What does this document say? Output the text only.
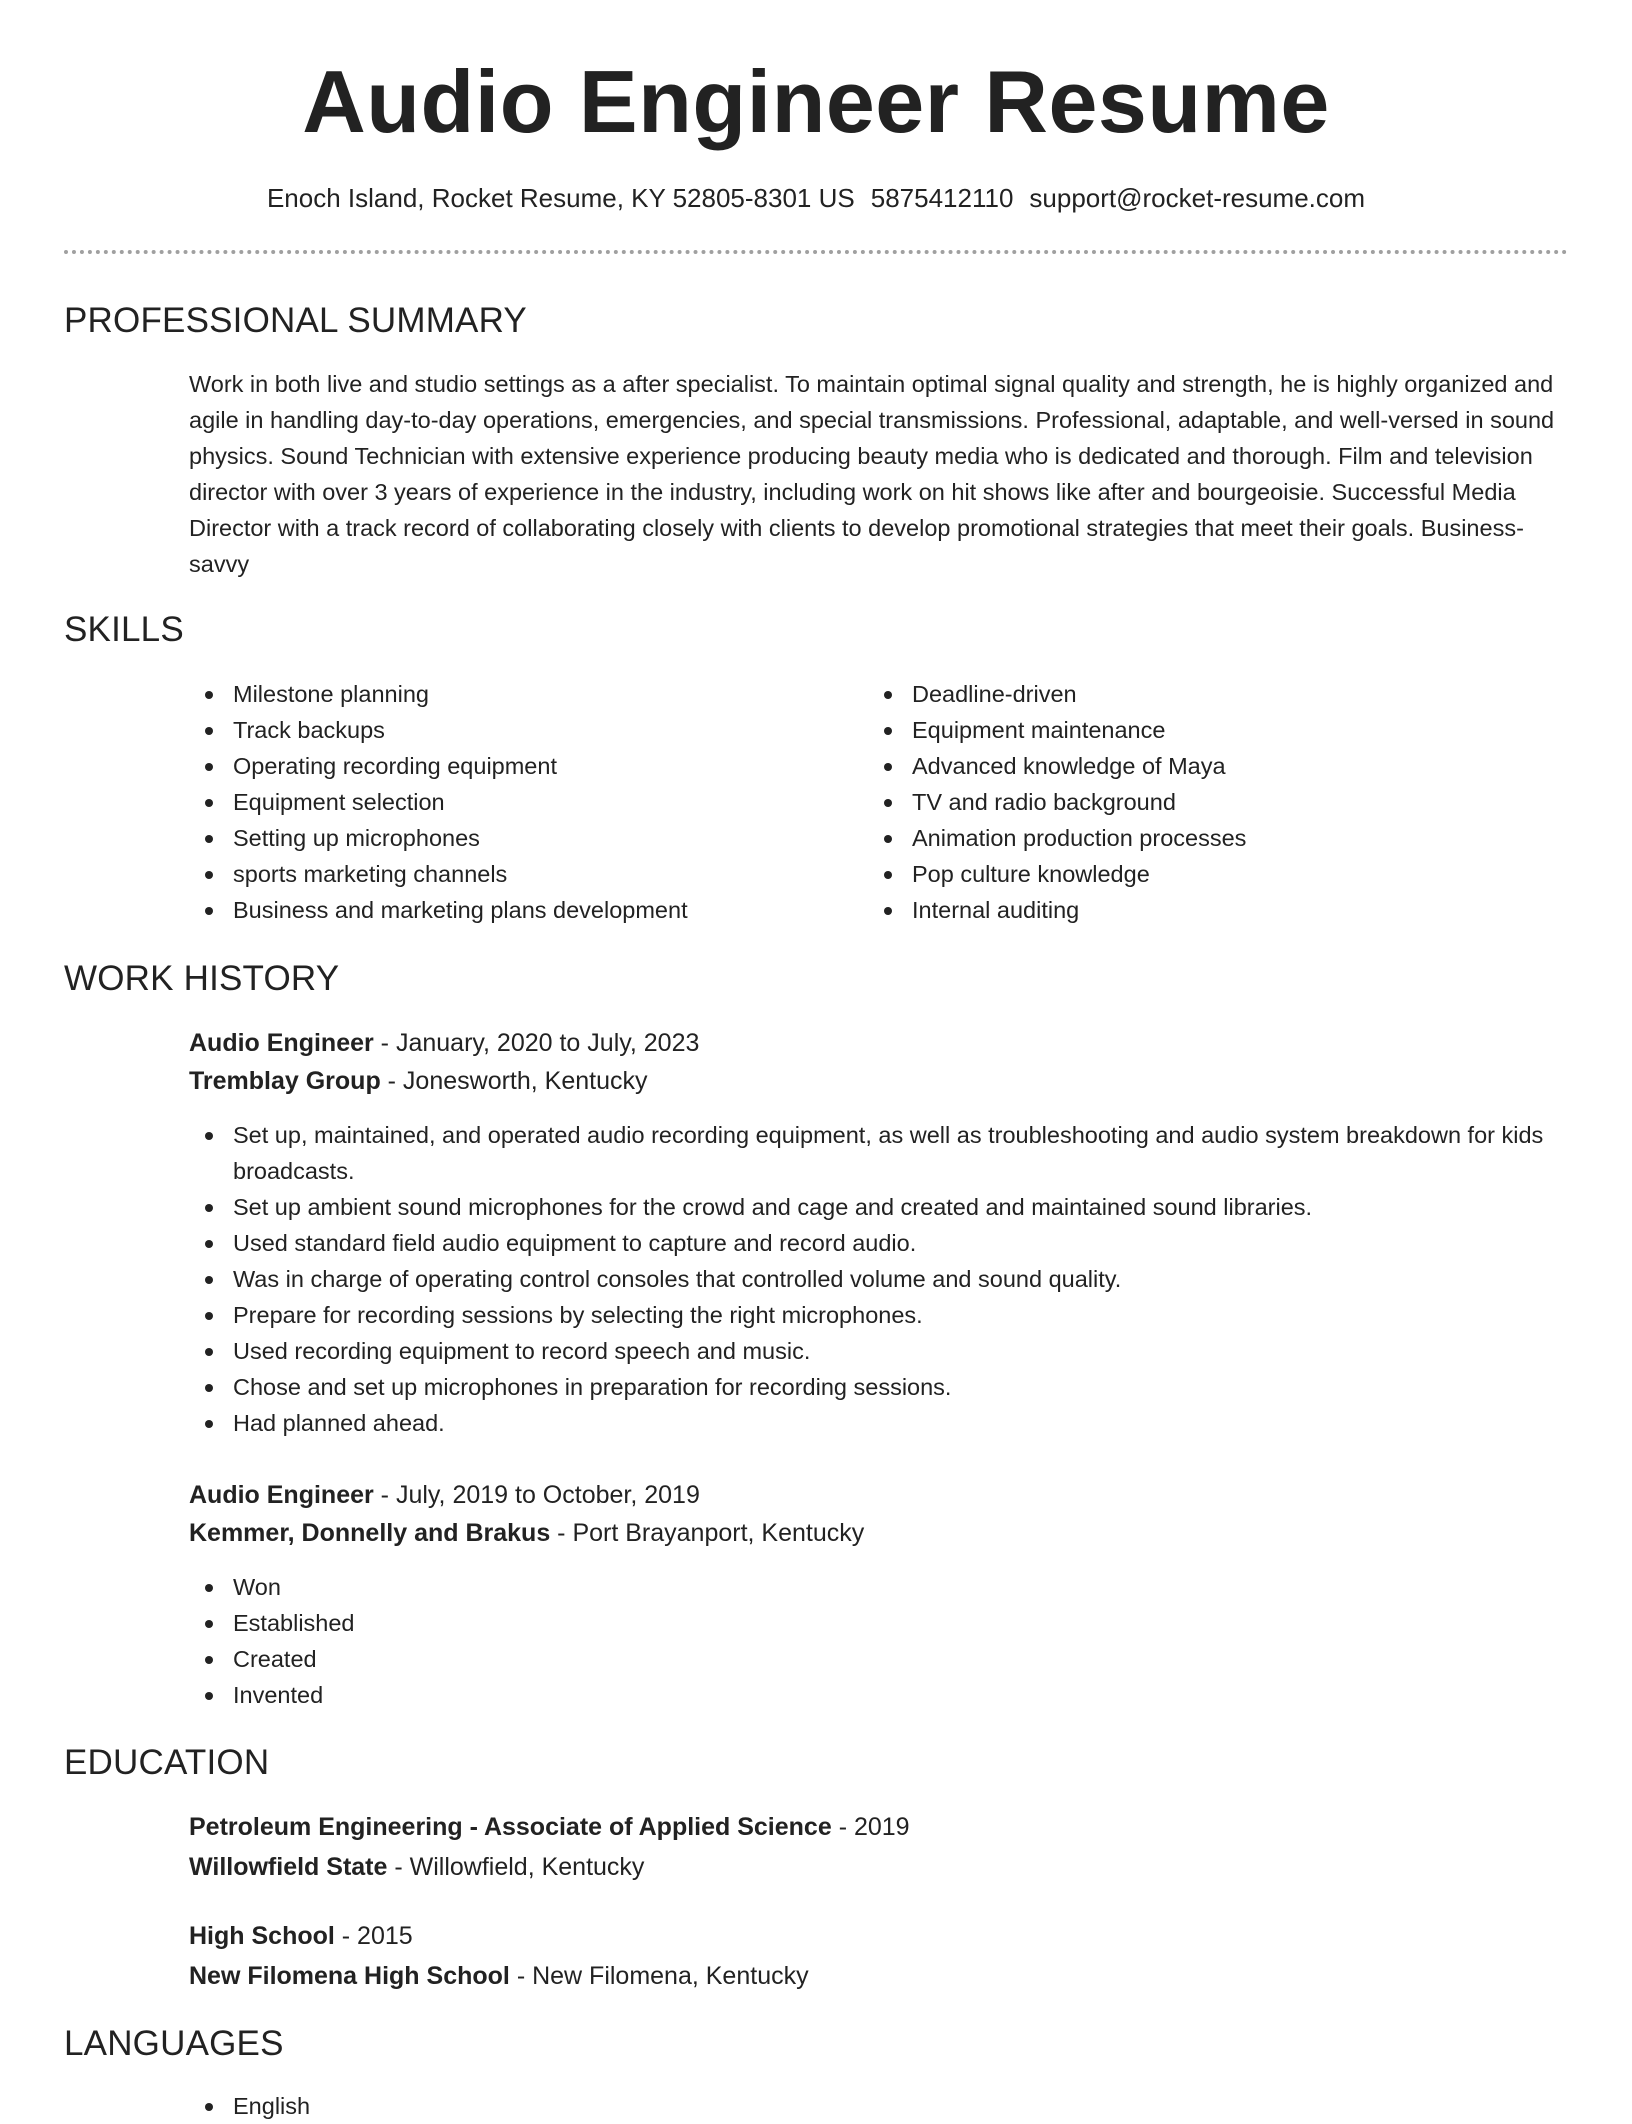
Audio Engineer Resume
Enoch Island, Rocket Resume, KY 52805-8301 US 5875412110 support@rocket-resume.com
PROFESSIONAL SUMMARY
Work in both live and studio settings as a after specialist. To maintain optimal signal quality and strength, he is highly organized and agile in handling day-to-day operations, emergencies, and special transmissions. Professional, adaptable, and well-versed in sound physics. Sound Technician with extensive experience producing beauty media who is dedicated and thorough. Film and television director with over 3 years of experience in the industry, including work on hit shows like after and bourgeoisie. Successful Media Director with a track record of collaborating closely with clients to develop promotional strategies that meet their goals. Business-savvy
SKILLS
Milestone planning
Track backups
Operating recording equipment
Equipment selection
Setting up microphones
sports marketing channels
Business and marketing plans development
Deadline-driven
Equipment maintenance
Advanced knowledge of Maya
TV and radio background
Animation production processes
Pop culture knowledge
Internal auditing
WORK HISTORY
Audio Engineer - January, 2020 to July, 2023
Tremblay Group - Jonesworth, Kentucky
Set up, maintained, and operated audio recording equipment, as well as troubleshooting and audio system breakdown for kids broadcasts.
Set up ambient sound microphones for the crowd and cage and created and maintained sound libraries.
Used standard field audio equipment to capture and record audio.
Was in charge of operating control consoles that controlled volume and sound quality.
Prepare for recording sessions by selecting the right microphones.
Used recording equipment to record speech and music.
Chose and set up microphones in preparation for recording sessions.
Had planned ahead.
Audio Engineer - July, 2019 to October, 2019
Kemmer, Donnelly and Brakus - Port Brayanport, Kentucky
Won
Established
Created
Invented
EDUCATION
Petroleum Engineering - Associate of Applied Science - 2019
Willowfield State - Willowfield, Kentucky
High School - 2015
New Filomena High School - New Filomena, Kentucky
LANGUAGES
English
